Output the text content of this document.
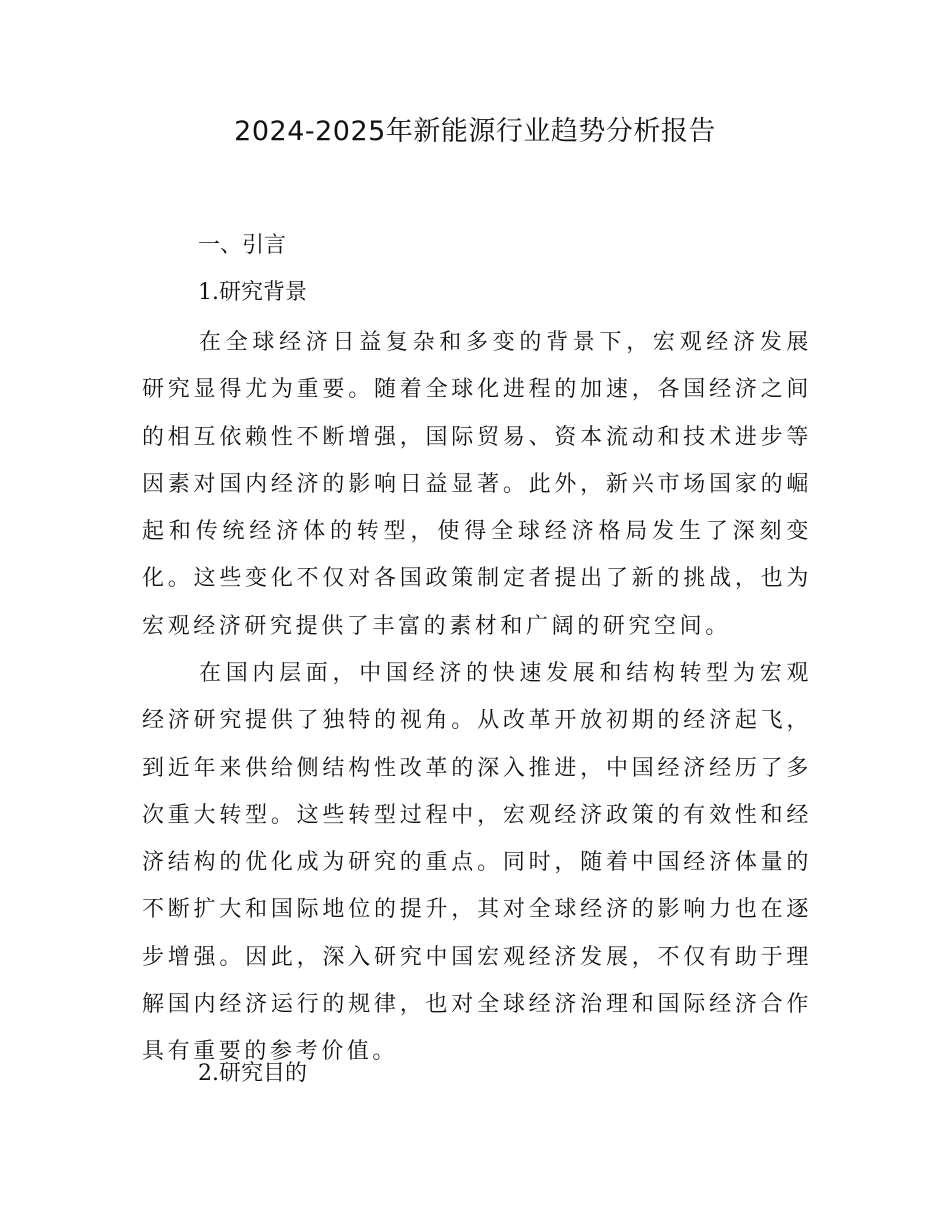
2024-2025年新能源行业趋势分析报告
一、引言
1.研究背景

在全球经济日益复杂和多变的背景下，宏观经济发展研究显得尤为重要。随着全球化进程的加速，各国经济之间的相互依赖性不断增强，国际贸易、资本流动和技术进步等因素对国内经济的影响日益显著。此外，新兴市场国家的崛起和传统经济体的转型，使得全球经济格局发生了深刻变化。这些变化不仅对各国政策制定者提出了新的挑战，也为宏观经济研究提供了丰富的素材和广阔的研究空间。

在国内层面，中国经济的快速发展和结构转型为宏观经济研究提供了独特的视角。从改革开放初期的经济起飞，到近年来供给侧结构性改革的深入推进，中国经济经历了多次重大转型。这些转型过程中，宏观经济政策的有效性和经济结构的优化成为研究的重点。同时，随着中国经济体量的不断扩大和国际地位的提升，其对全球经济的影响力也在逐步增强。因此，深入研究中国宏观经济发展，不仅有助于理解国内经济运行的规律，也对全球经济治理和国际经济合作具有重要的参考价值。

2.研究目的
